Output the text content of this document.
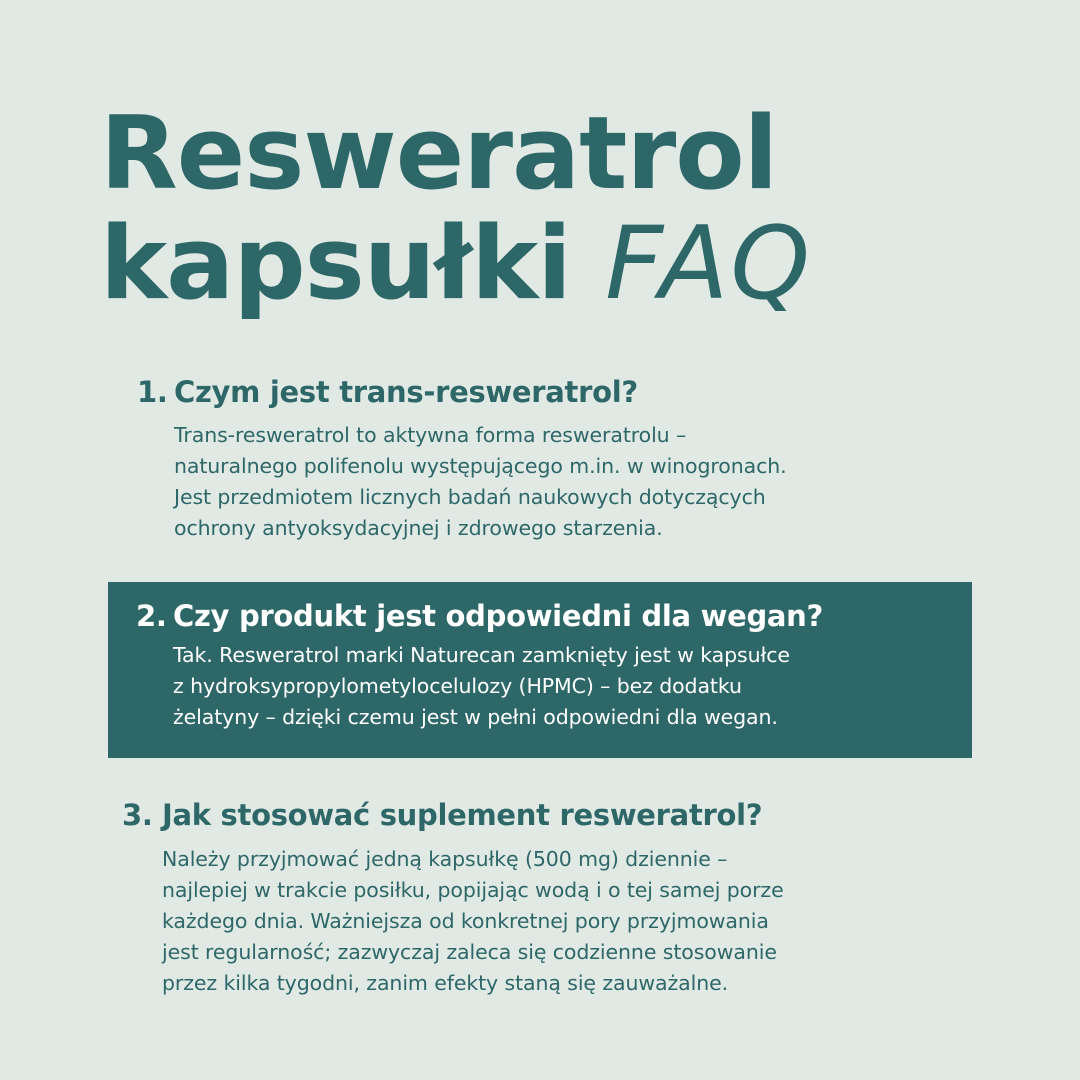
Resweratrol
kapsułki FAQ
1. Czym jest trans-resweratrol?
Trans-resweratrol to aktywna forma resweratrolu –
naturalnego polifenolu występującego m.in. w winogronach.
Jest przedmiotem licznych badań naukowych dotyczących
ochrony antyoksydacyjnej i zdrowego starzenia.
2. Czy produkt jest odpowiedni dla wegan?
Tak. Resweratrol marki Naturecan zamknięty jest w kapsułce
z hydroksypropylometylocelulozy (HPMC) – bez dodatku
żelatyny – dzięki czemu jest w pełni odpowiedni dla wegan.
3. Jak stosować suplement resweratrol?
Należy przyjmować jedną kapsułkę (500 mg) dziennie –
najlepiej w trakcie posiłku, popijając wodą i o tej samej porze
każdego dnia. Ważniejsza od konkretnej pory przyjmowania
jest regularność; zazwyczaj zaleca się codzienne stosowanie
przez kilka tygodni, zanim efekty staną się zauważalne.
